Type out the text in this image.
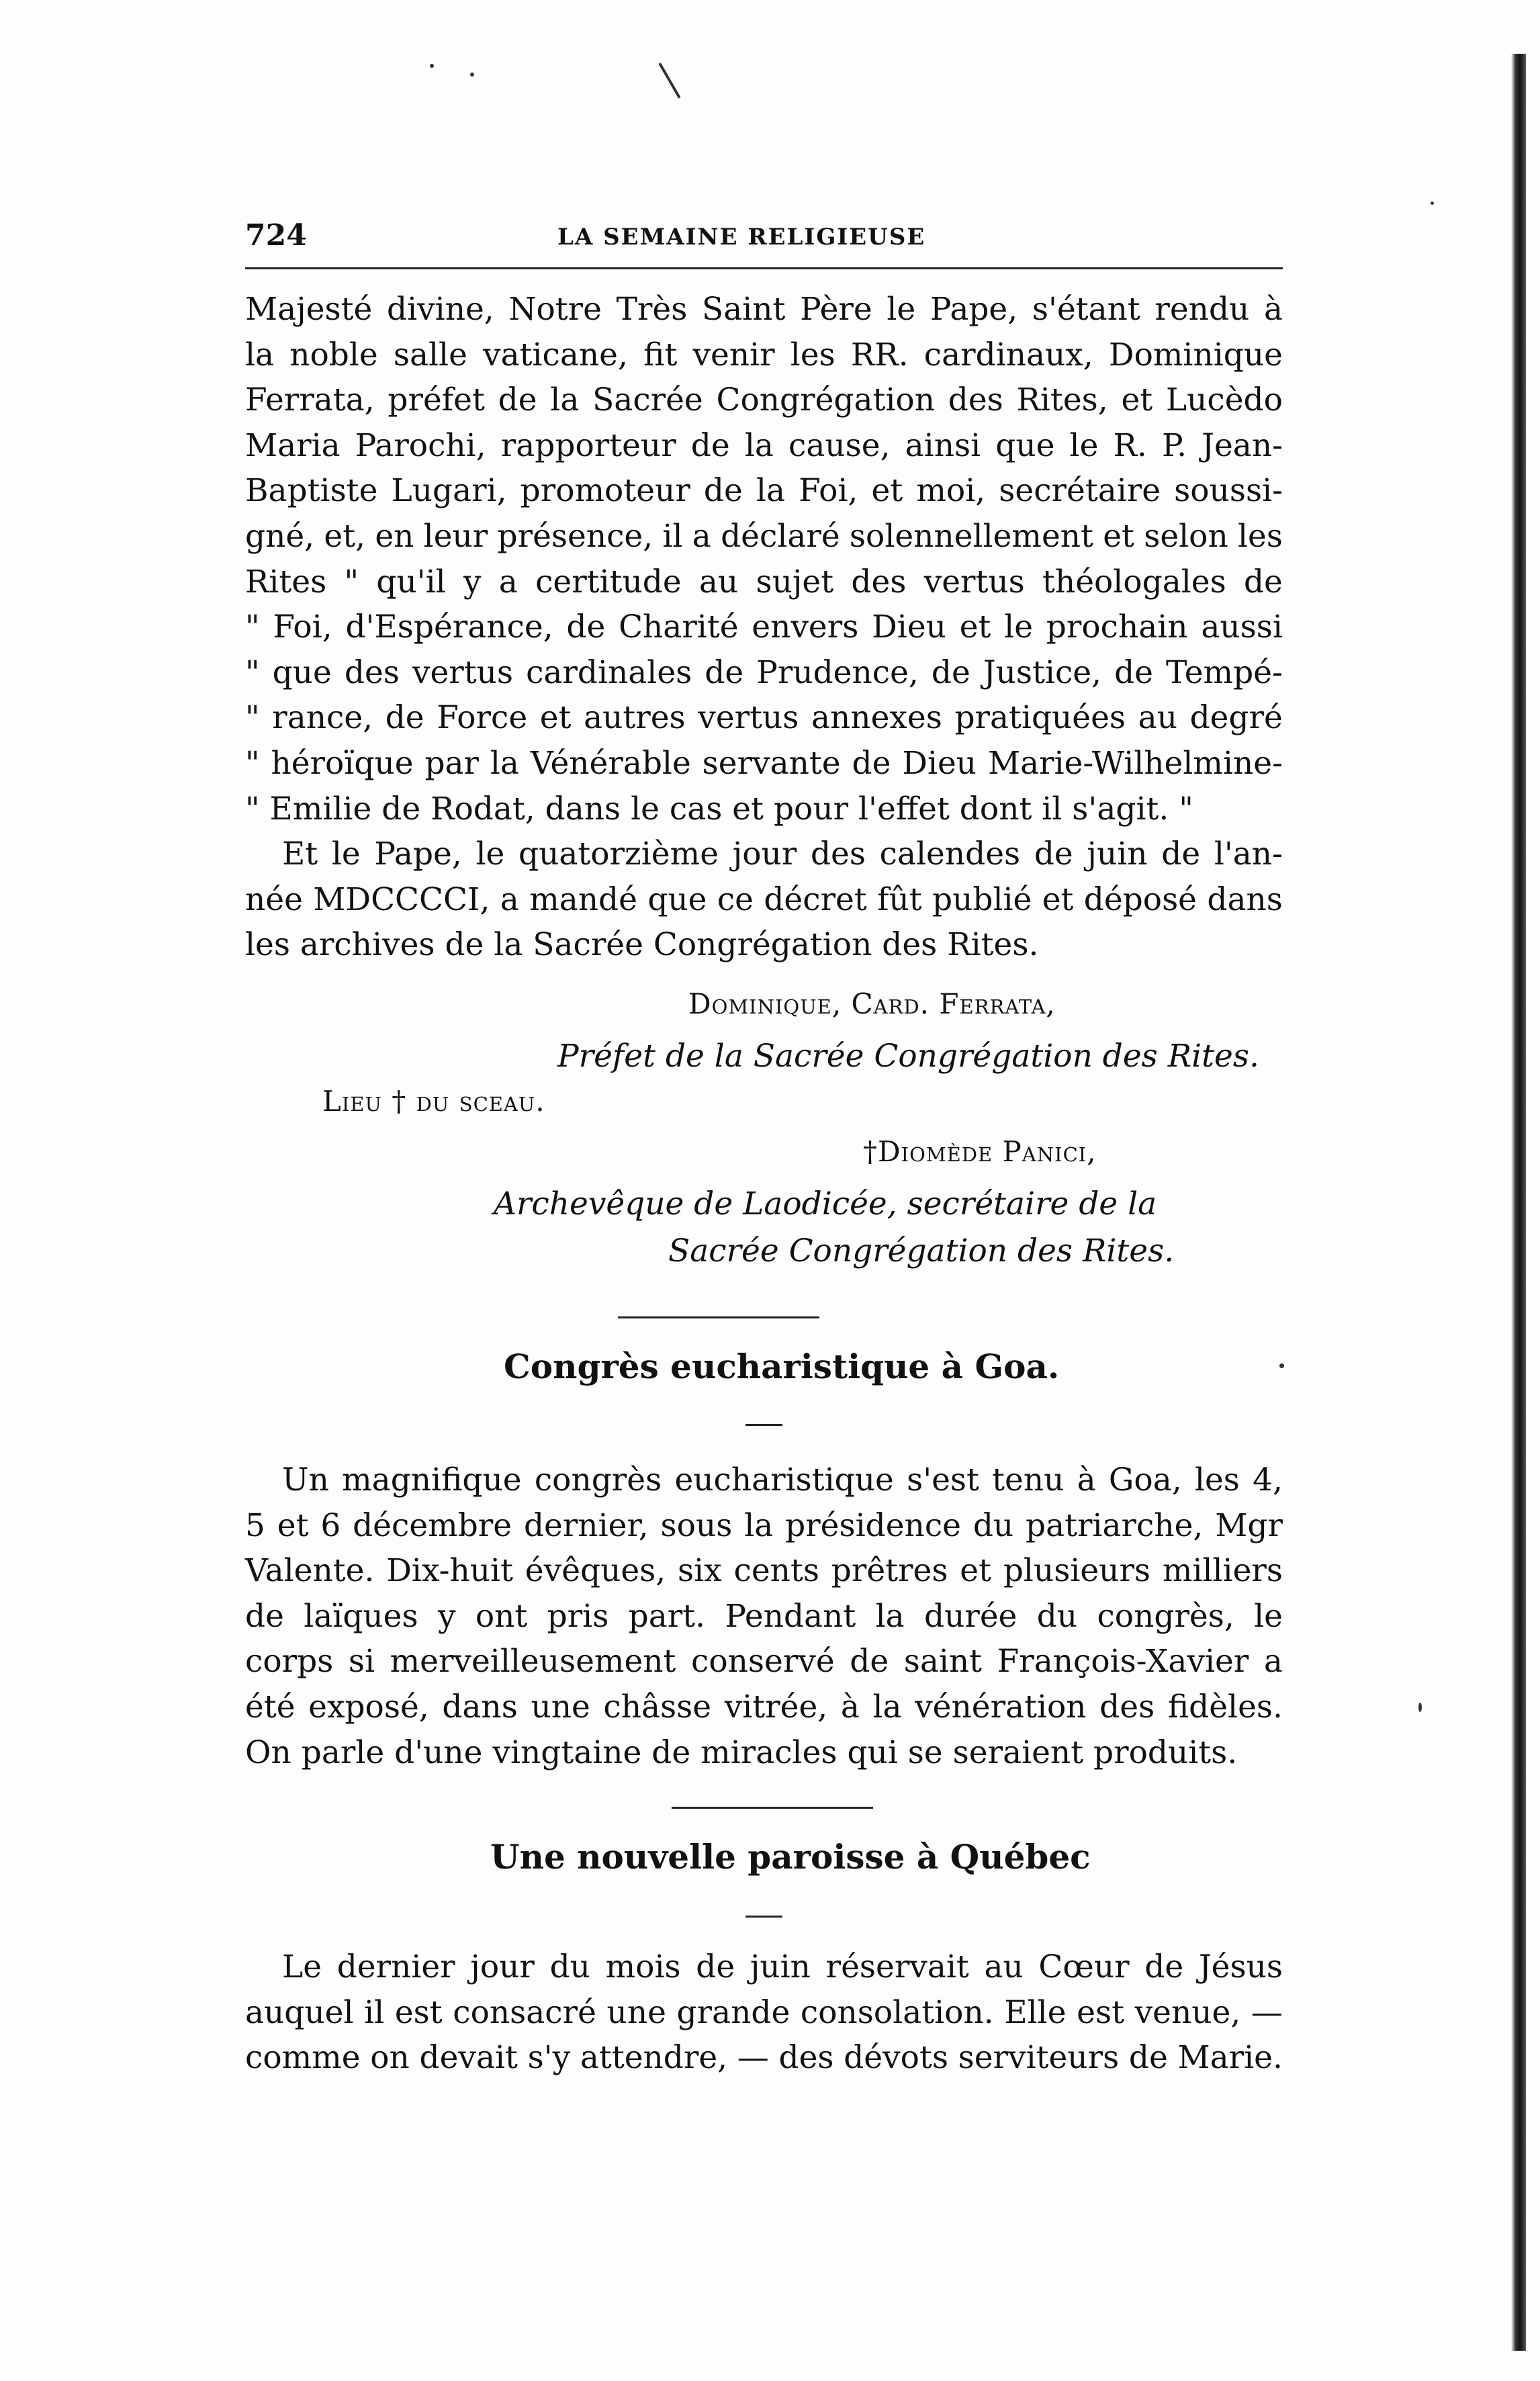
724	LA SEMAINE RELIGIEUSE
Majesté divine, Notre Très Saint Père le Pape, s'étant rendu à
la noble salle vaticane, fit venir les RR. cardinaux, Dominique
Ferrata, préfet de la Sacrée Congrégation des Rites, et Lucèdo
Maria Parochi, rapporteur de la cause, ainsi que le R. P. Jean-
Baptiste Lugari, promoteur de la Foi, et moi, secrétaire soussi-
gné, et, en leur présence, il a déclaré solennellement et selon les
Rites " qu'il y a certitude au sujet des vertus théologales de
" Foi, d'Espérance, de Charité envers Dieu et le prochain aussi
" que des vertus cardinales de Prudence, de Justice, de Tempé-
" rance, de Force et autres vertus annexes pratiquées au degré
" héroïque par la Vénérable servante de Dieu Marie-Wilhelmine-
" Emilie de Rodat, dans le cas et pour l'effet dont il s'agit. "
Et le Pape, le quatorzième jour des calendes de juin de l'an-
née MDCCCCI, a mandé que ce décret fût publié et déposé dans
les archives de la Sacrée Congrégation des Rites.
Dominique, Card. Ferrata,
Préfet de la Sacrée Congrégation des Rites.
Lieu † du sceau.
†Diomède Panici,
Archevêque de Laodicée, secrétaire de la
Sacrée Congrégation des Rites.
Congrès eucharistique à Goa.
Un magnifique congrès eucharistique s'est tenu à Goa, les 4,
5 et 6 décembre dernier, sous la présidence du patriarche, Mgr
Valente. Dix-huit évêques, six cents prêtres et plusieurs milliers
de laïques y ont pris part. Pendant la durée du congrès, le
corps si merveilleusement conservé de saint François-Xavier a
été exposé, dans une châsse vitrée, à la vénération des fidèles.
On parle d'une vingtaine de miracles qui se seraient produits.
Une nouvelle paroisse à Québec
Le dernier jour du mois de juin réservait au Cœur de Jésus
auquel il est consacré une grande consolation. Elle est venue, —
comme on devait s'y attendre, — des dévots serviteurs de Marie.
